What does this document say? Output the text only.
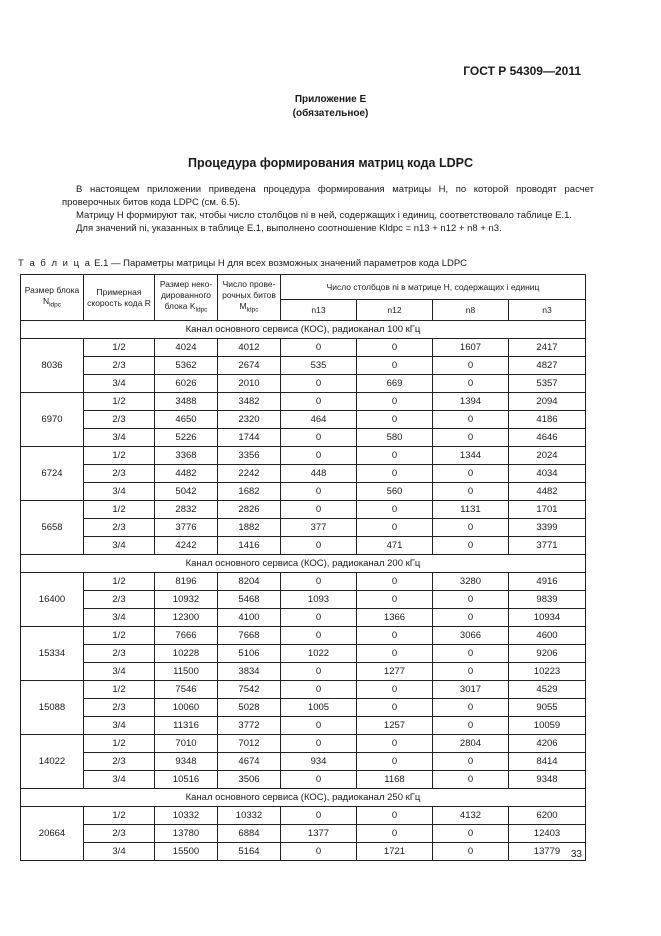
ГОСТ Р 54309—2011
Приложение Е
(обязательное)
Процедура формирования матриц кода LDPC

В настоящем приложении приведена процедура формирования матрицы H, по которой проводят расчет проверочных битов кода LDPC (см. 6.5).

Матрицу H формируют так, чтобы число столбцов ni в ней, содержащих i единиц, соответствовало таблице Е.1.

Для значений ni, указанных в таблице Е.1, выполнено соотношение Kldpc = n13 + n12 + n8 + n3.

Т а б л и ц а Е.1 — Параметры матрицы H для всех возможных значений параметров кода LDPC
Размер блока $N_{ldpc}$	Примерная скорость кода R	Размер неко-дированного блока $K_{ldpc}$	Число прове-рочных битов $M_{ldpc}$	Число столбцов ni в матрице H, содержащих i единиц			
				n13	n12	n8	n3
Канал основного сервиса (КОС), радиоканал 100 кГц							
8036	1/2	4024	4012	0	0	1607	2417
	2/3	5362	2674	535	0	0	4827
	3/4	6026	2010	0	669	0	5357
6970	1/2	3488	3482	0	0	1394	2094
	2/3	4650	2320	464	0	0	4186
	3/4	5226	1744	0	580	0	4646
6724	1/2	3368	3356	0	0	1344	2024
	2/3	4482	2242	448	0	0	4034
	3/4	5042	1682	0	560	0	4482
5658	1/2	2832	2826	0	0	1131	1701
	2/3	3776	1882	377	0	0	3399
	3/4	4242	1416	0	471	0	3771
Канал основного сервиса (КОС), радиоканал 200 кГц							
16400	1/2	8196	8204	0	0	3280	4916
	2/3	10932	5468	1093	0	0	9839
	3/4	12300	4100	0	1366	0	10934
15334	1/2	7666	7668	0	0	3066	4600
	2/3	10228	5106	1022	0	0	9206
	3/4	11500	3834	0	1277	0	10223
15088	1/2	7546	7542	0	0	3017	4529
	2/3	10060	5028	1005	0	0	9055
	3/4	11316	3772	0	1257	0	10059
14022	1/2	7010	7012	0	0	2804	4206
	2/3	9348	4674	934	0	0	8414
	3/4	10516	3506	0	1168	0	9348
Канал основного сервиса (КОС), радиоканал 250 кГц							
20664	1/2	10332	10332	0	0	4132	6200
	2/3	13780	6884	1377	0	0	12403
	3/4	15500	5164	0	1721	0	13779 33
